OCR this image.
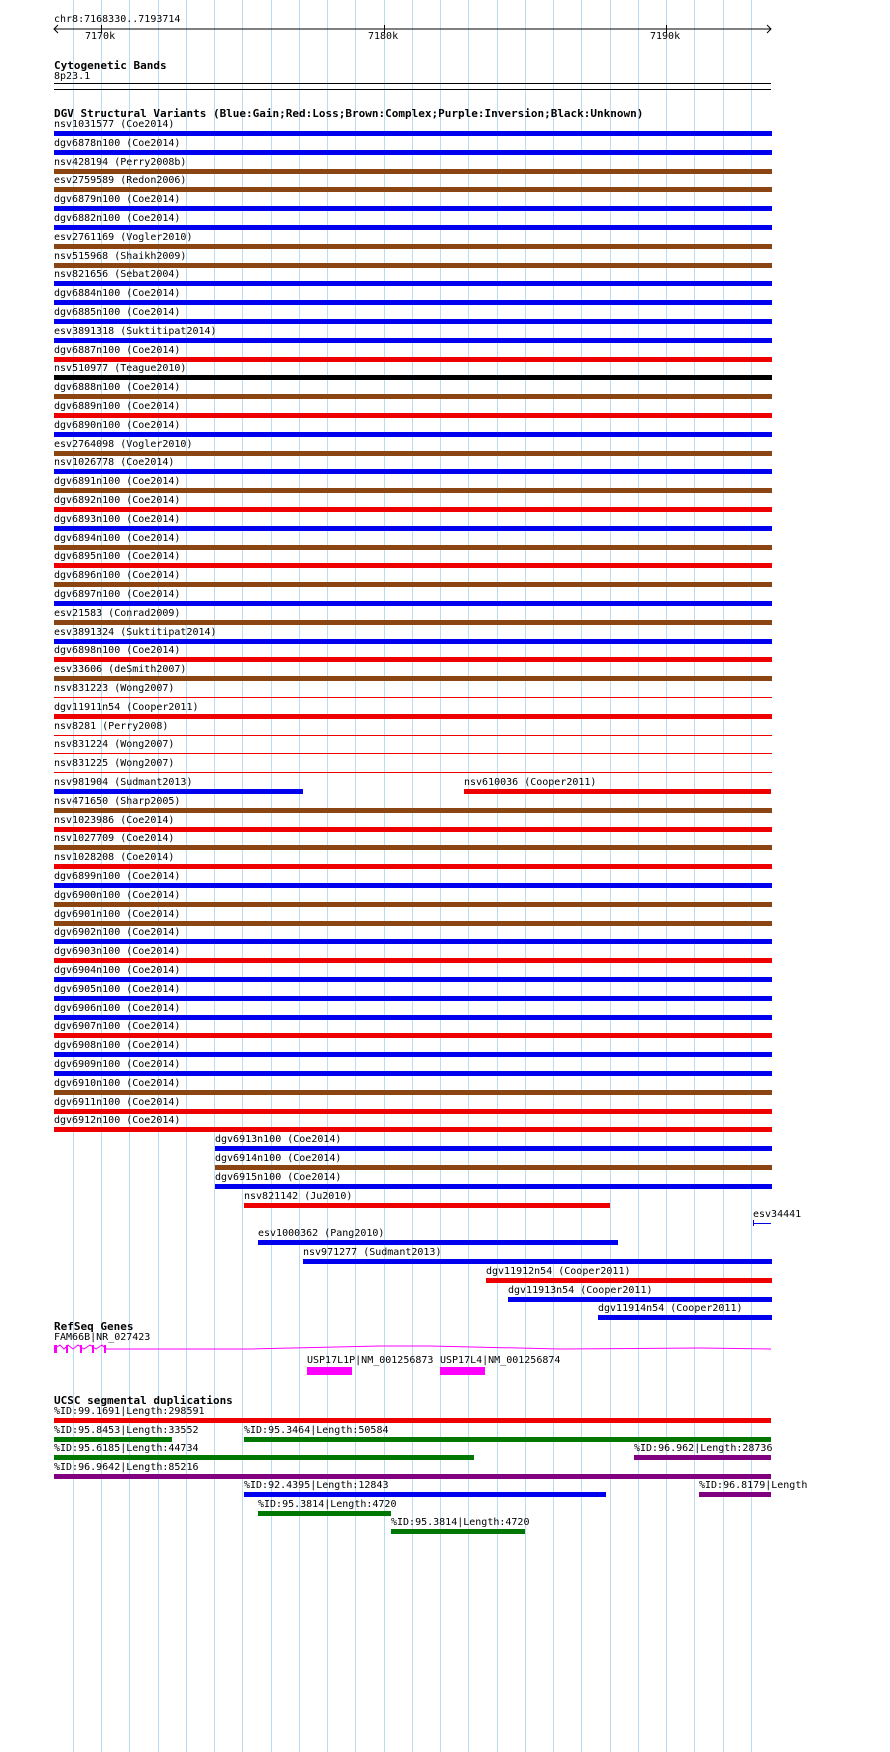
chr8:7168330..7193714
7170k	7180k	7190k
Cytogenetic Bands
8p23.1
DGV Structural Variants (Blue:Gain;Red:Loss;Brown:Complex;Purple:Inversion;Black:Unknown)
nsv1031577 (Coe2014)
dgv6878n100 (Coe2014)
nsv428194 (Perry2008b)
esv2759589 (Redon2006)
dgv6879n100 (Coe2014)
dgv6882n100 (Coe2014)
esv2761169 (Vogler2010)
nsv515968 (Shaikh2009)
nsv821656 (Sebat2004)
dgv6884n100 (Coe2014)
dgv6885n100 (Coe2014)
esv3891318 (Suktitipat2014)
dgv6887n100 (Coe2014)
nsv510977 (Teague2010)
dgv6888n100 (Coe2014)
dgv6889n100 (Coe2014)
dgv6890n100 (Coe2014)
esv2764098 (Vogler2010)
nsv1026778 (Coe2014)
dgv6891n100 (Coe2014)
dgv6892n100 (Coe2014)
dgv6893n100 (Coe2014)
dgv6894n100 (Coe2014)
dgv6895n100 (Coe2014)
dgv6896n100 (Coe2014)
dgv6897n100 (Coe2014)
esv21583 (Conrad2009)
esv3891324 (Suktitipat2014)
dgv6898n100 (Coe2014)
esv33606 (deSmith2007)
nsv831223 (Wong2007)
dgv11911n54 (Cooper2011)
nsv8281 (Perry2008)
nsv831224 (Wong2007)
nsv831225 (Wong2007)
nsv981904 (Sudmant2013)	nsv610036 (Cooper2011)
nsv471650 (Sharp2005)
nsv1023986 (Coe2014)
nsv1027709 (Coe2014)
nsv1028208 (Coe2014)
dgv6899n100 (Coe2014)
dgv6900n100 (Coe2014)
dgv6901n100 (Coe2014)
dgv6902n100 (Coe2014)
dgv6903n100 (Coe2014)
dgv6904n100 (Coe2014)
dgv6905n100 (Coe2014)
dgv6906n100 (Coe2014)
dgv6907n100 (Coe2014)
dgv6908n100 (Coe2014)
dgv6909n100 (Coe2014)
dgv6910n100 (Coe2014)
dgv6911n100 (Coe2014)
dgv6912n100 (Coe2014)
dgv6913n100 (Coe2014)
dgv6914n100 (Coe2014)
dgv6915n100 (Coe2014)
nsv821142 (Ju2010)
esv34441
esv1000362 (Pang2010)
nsv971277 (Sudmant2013)
dgv11912n54 (Cooper2011)
dgv11913n54 (Cooper2011)
dgv11914n54 (Cooper2011)
RefSeq Genes
FAM66B|NR_027423
USP17L1P|NM_001256873 USP17L4|NM_001256874
UCSC segmental duplications
%ID:99.1691|Length:298591
%ID:95.8453|Length:33552	%ID:95.3464|Length:50584
%ID:95.6185|Length:44734	%ID:96.962|Length:28736
%ID:96.9642|Length:85216
%ID:92.4395|Length:12843	%ID:96.8179|Length
%ID:95.3814|Length:4720
%ID:95.3814|Length:4720
